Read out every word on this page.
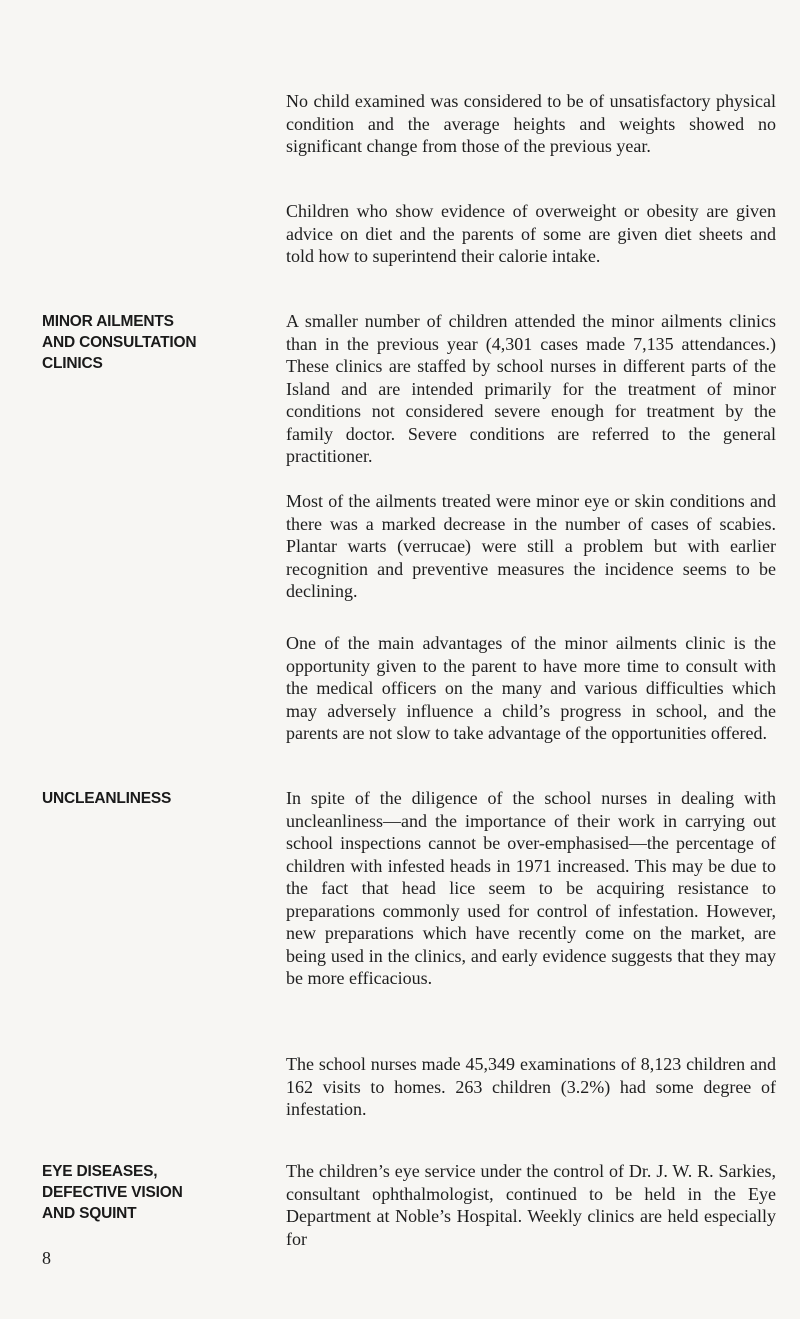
No child examined was considered to be of unsatisfactory physical condition and the average heights and weights showed no significant change from those of the previous year.

Children who show evidence of overweight or obesity are given advice on diet and the parents of some are given diet sheets and told how to superintend their calorie intake.

MINOR AILMENTS
AND CONSULTATION
CLINICS

A smaller number of children attended the minor ailments clinics than in the previous year (4,301 cases made 7,135 attendances.) These clinics are staffed by school nurses in different parts of the Island and are intended primarily for the treatment of minor conditions not considered severe enough for treatment by the family doctor. Severe conditions are referred to the general practitioner.

Most of the ailments treated were minor eye or skin conditions and there was a marked decrease in the number of cases of scabies. Plantar warts (verrucae) were still a problem but with earlier recognition and preventive measures the incidence seems to be declining.

One of the main advantages of the minor ailments clinic is the opportunity given to the parent to have more time to consult with the medical officers on the many and various difficulties which may adversely influence a child’s progress in school, and the parents are not slow to take advantage of the opportunities offered.

UNCLEANLINESS	In spite of the diligence of the school nurses in dealing with uncleanliness—and the importance of their work in carrying out school inspections cannot be over-emphasised—the percentage of children with infested heads in 1971 increased. This may be due to the fact that head lice seem to be acquiring resistance to preparations commonly used for control of infestation. However, new preparations which have recently come on the market, are being used in the clinics, and early evidence suggests that they may be more efficacious.

The school nurses made 45,349 examinations of 8,123 children and 162 visits to homes. 263 children (3.2%) had some degree of infestation.

EYE DISEASES,
DEFECTIVE VISION
AND SQUINT

The children’s eye service under the control of Dr. J. W. R. Sarkies, consultant ophthalmologist, continued to be held in the Eye Department at Noble’s Hospital. Weekly clinics are held especially for

8
